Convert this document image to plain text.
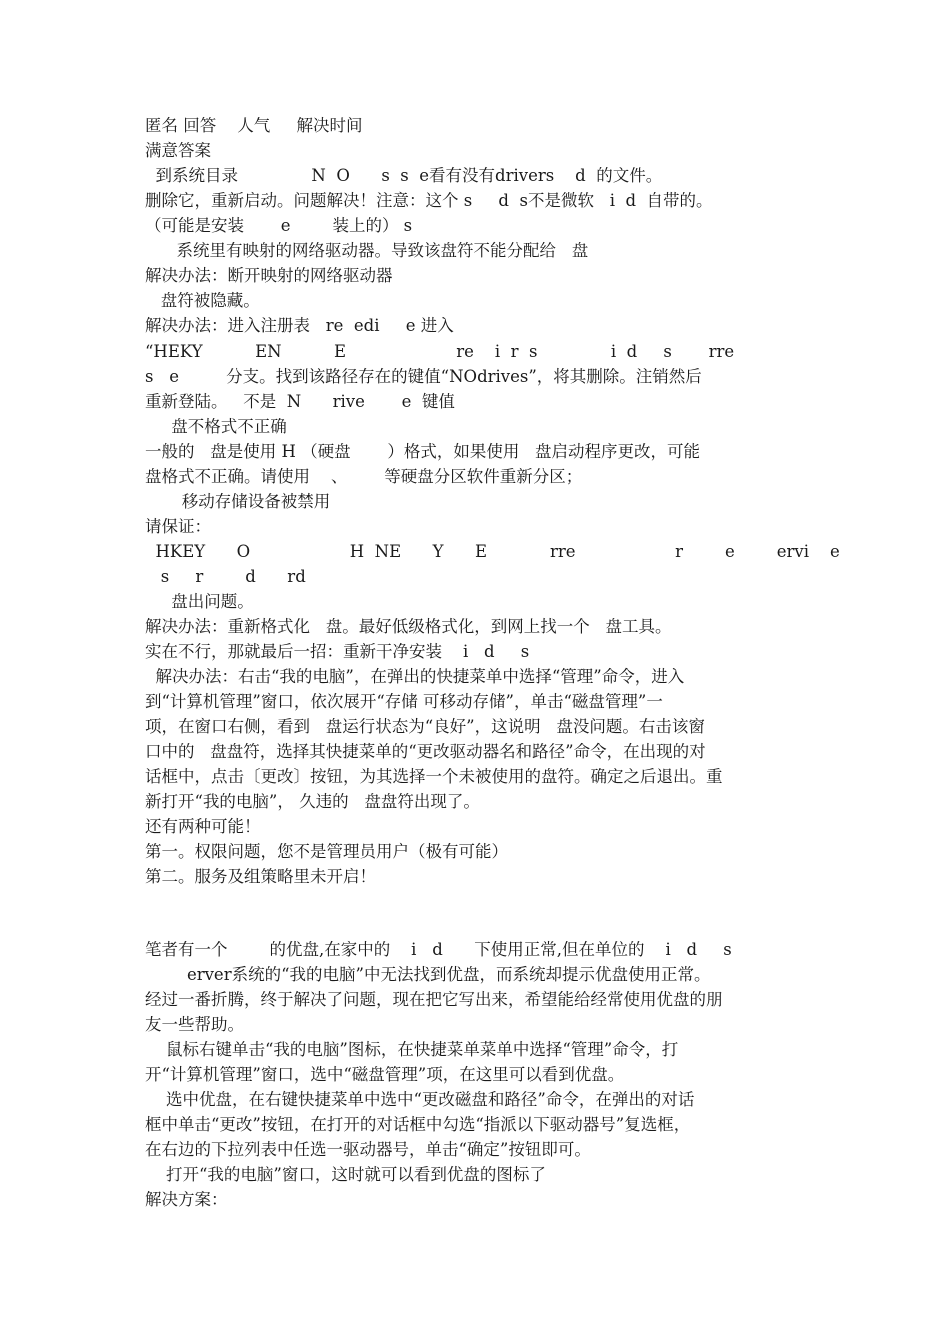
匿名 回答    人气     解决时间
满意答案
到系统目录              N  O      s  s  e看有没有drivers    d  的文件。
删除它，重新启动。问题解决！注意：这个 s     d  s不是微软   i  d  自带的。
（可能是安装       e        装上的） s
系统里有映射的网络驱动器。导致该盘符不能分配给   盘
解决办法：断开映射的网络驱动器
盘符被隐藏。
解决办法：进入注册表   re  edi     e 进入
“HEKY          EN          E                     re    i  r  s              i  d     s       rre
s   e         分支。找到该路径存在的键值“NOdrives”，将其删除。注销然后
重新登陆。   不是  N      rive       e  键值
盘不格式不正确
一般的   盘是使用 H （硬盘       ）格式，如果使用   盘启动程序更改，可能
盘格式不正确。请使用    、       等硬盘分区软件重新分区；
移动存储设备被禁用
请保证：
HKEY      O                   H  NE      Y      E            rre                   r        e        ervi    e
s     r        d      rd
盘出问题。
解决办法：重新格式化   盘。最好低级格式化，到网上找一个   盘工具。
实在不行，那就最后一招：重新干净安装    i   d     s
解决办法：右击“我的电脑”，在弹出的快捷菜单中选择“管理”命令，进入
到“计算机管理”窗口，依次展开“存储 可移动存储”，单击“磁盘管理”一
项，在窗口右侧，看到   盘运行状态为“良好”，这说明   盘没问题。右击该窗
口中的   盘盘符，选择其快捷菜单的“更改驱动器名和路径”命令，在出现的对
话框中，点击〔更改〕按钮，为其选择一个未被使用的盘符。确定之后退出。重
新打开“我的电脑”， 久违的   盘盘符出现了。
还有两种可能！
第一。权限问题，您不是管理员用户（极有可能）
第二。服务及组策略里未开启！
笔者有一个        的优盘,在家中的    i   d      下使用正常,但在单位的    i   d     s
erver系统的“我的电脑”中无法找到优盘，而系统却提示优盘使用正常。
经过一番折腾，终于解决了问题，现在把它写出来，希望能给经常使用优盘的朋
友一些帮助。
鼠标右键单击“我的电脑”图标，在快捷菜单菜单中选择“管理”命令，打
开“计算机管理”窗口，选中“磁盘管理”项，在这里可以看到优盘。
选中优盘，在右键快捷菜单中选中“更改磁盘和路径”命令，在弹出的对话
框中单击“更改”按钮，在打开的对话框中勾选“指派以下驱动器号”复选框，
在右边的下拉列表中任选一驱动器号，单击“确定”按钮即可。
打开“我的电脑”窗口，这时就可以看到优盘的图标了
解决方案：
